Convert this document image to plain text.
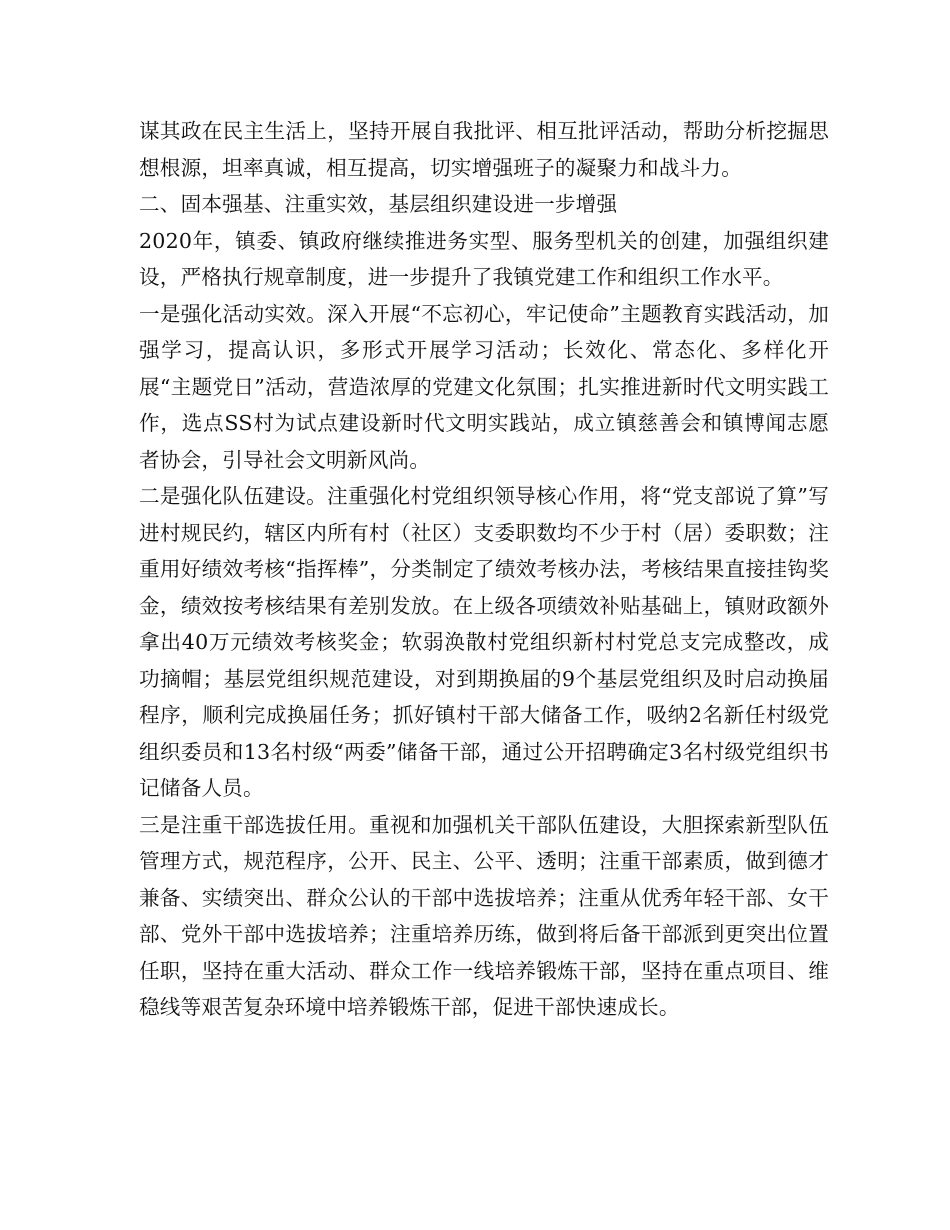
谋其政在民主生活上，坚持开展自我批评、相互批评活动，帮助分析挖掘思想根源，坦率真诚，相互提高，切实增强班子的凝聚力和战斗力。

二、固本强基、注重实效，基层组织建设进一步增强

2020年，镇委、镇政府继续推进务实型、服务型机关的创建，加强组织建设，严格执行规章制度，进一步提升了我镇党建工作和组织工作水平。

一是强化活动实效。深入开展“不忘初心，牢记使命”主题教育实践活动，加强学习，提高认识，多形式开展学习活动；长效化、常态化、多样化开展“主题党日”活动，营造浓厚的党建文化氛围；扎实推进新时代文明实践工作，选点SS村为试点建设新时代文明实践站，成立镇慈善会和镇博闻志愿者协会，引导社会文明新风尚。

二是强化队伍建设。注重强化村党组织领导核心作用，将“党支部说了算”写进村规民约，辖区内所有村（社区）支委职数均不少于村（居）委职数；注重用好绩效考核“指挥棒”，分类制定了绩效考核办法，考核结果直接挂钩奖金，绩效按考核结果有差别发放。在上级各项绩效补贴基础上，镇财政额外拿出40万元绩效考核奖金；软弱涣散村党组织新村村党总支完成整改，成功摘帽；基层党组织规范建设，对到期换届的9个基层党组织及时启动换届程序，顺利完成换届任务；抓好镇村干部大储备工作，吸纳2名新任村级党组织委员和13名村级“两委”储备干部，通过公开招聘确定3名村级党组织书记储备人员。

三是注重干部选拔任用。重视和加强机关干部队伍建设，大胆探索新型队伍管理方式，规范程序，公开、民主、公平、透明；注重干部素质，做到德才兼备、实绩突出、群众公认的干部中选拔培养；注重从优秀年轻干部、女干部、党外干部中选拔培养；注重培养历练，做到将后备干部派到更突出位置任职，坚持在重大活动、群众工作一线培养锻炼干部，坚持在重点项目、维稳线等艰苦复杂环境中培养锻炼干部，促进干部快速成长。
